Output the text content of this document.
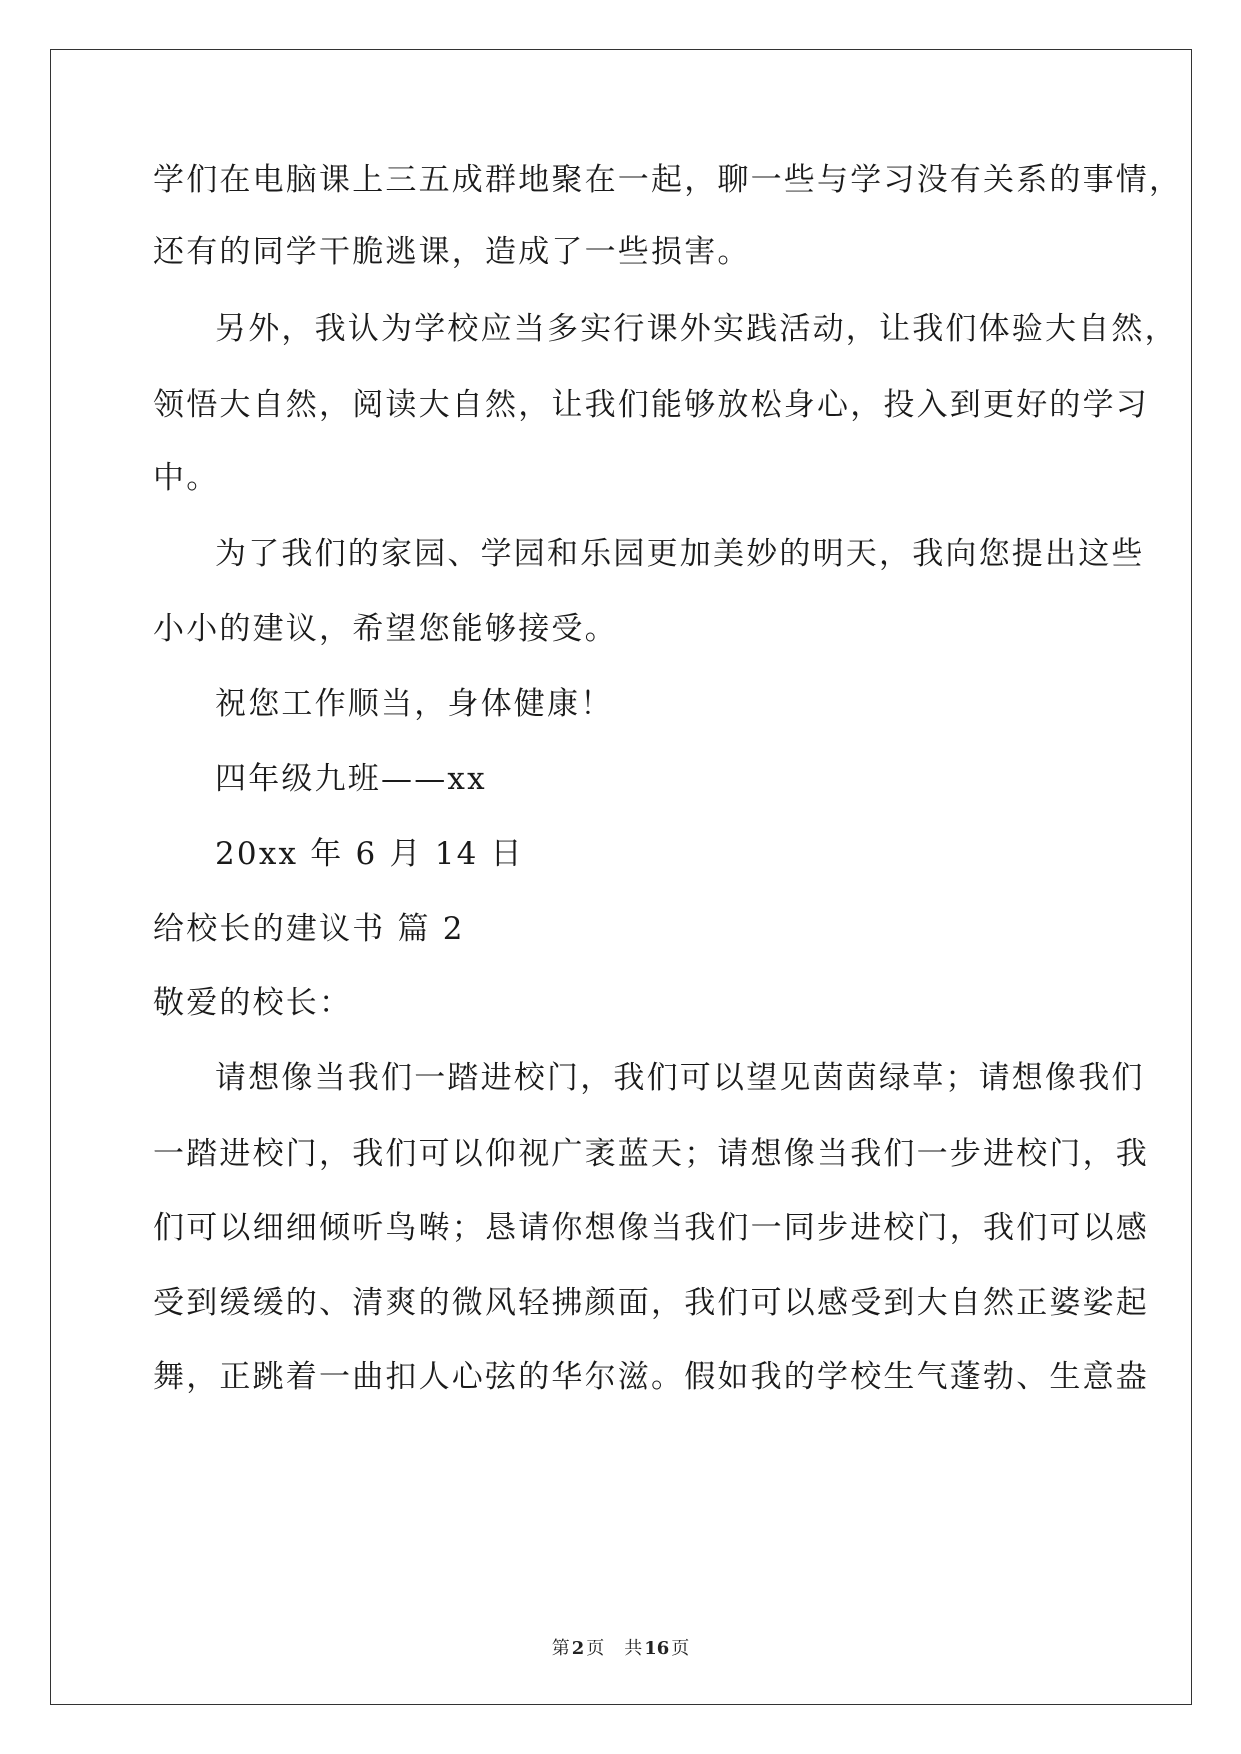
学们在电脑课上三五成群地聚在一起，聊一些与学习没有关系的事情，
还有的同学干脆逃课，造成了一些损害。
另外，我认为学校应当多实行课外实践活动，让我们体验大自然，
领悟大自然，阅读大自然，让我们能够放松身心，投入到更好的学习
中。
为了我们的家园、学园和乐园更加美妙的明天，我向您提出这些
小小的建议，希望您能够接受。
祝您工作顺当，身体健康！
四年级九班——xx
20xx 年 6 月 14 日
给校长的建议书 篇 2
敬爱的校长：
请想像当我们一踏进校门，我们可以望见茵茵绿草；请想像我们
一踏进校门，我们可以仰视广袤蓝天；请想像当我们一步进校门，我
们可以细细倾听鸟啭；恳请你想像当我们一同步进校门，我们可以感
受到缓缓的、清爽的微风轻拂颜面，我们可以感受到大自然正婆娑起
舞，正跳着一曲扣人心弦的华尔滋。假如我的学校生气蓬勃、生意盎
第 2 页 共 16 页
